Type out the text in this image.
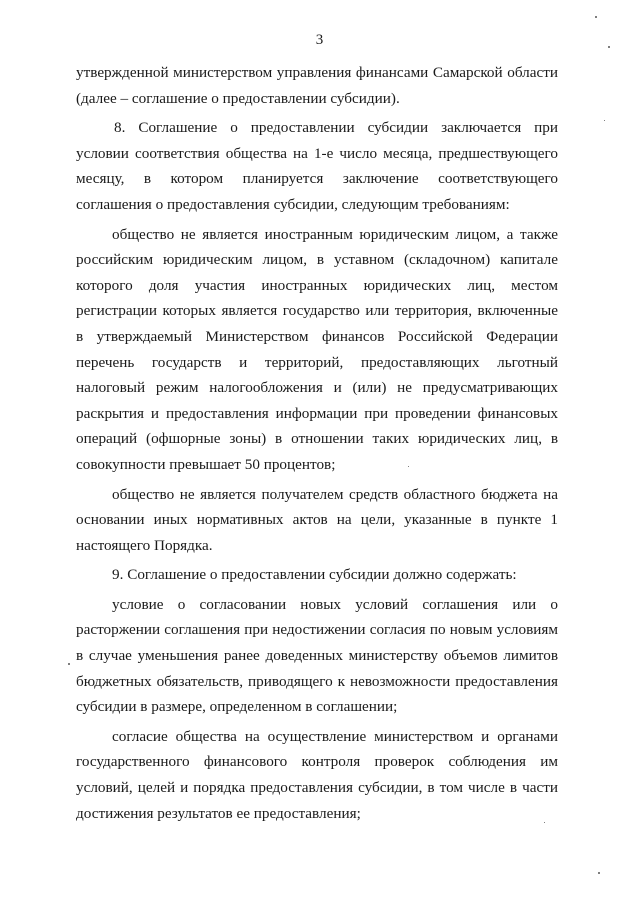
3

утвержденной министерством управления финансами Самарской области (далее – соглашение о предоставлении субсидии).

8. Соглашение о предоставлении субсидии заключается при условии соответствия общества на 1-е число месяца, предшествующего месяцу, в котором планируется заключение соответствующего соглашения о предоставления субсидии, следующим требованиям:

общество не является иностранным юридическим лицом, а также российским юридическим лицом, в уставном (складочном) капитале которого доля участия иностранных юридических лиц, местом регистрации которых является государство или территория, включенные в утверждаемый Министерством финансов Российской Федерации перечень государств и территорий, предоставляющих льготный налоговый режим налогообложения и (или) не предусматривающих раскрытия и предоставления информации при проведении финансовых операций (офшорные зоны) в отношении таких юридических лиц, в совокупности превышает 50 процентов;

общество не является получателем средств областного бюджета на основании иных нормативных актов на цели, указанные в пункте 1 настоящего Порядка.

9. Соглашение о предоставлении субсидии должно содержать:

условие о согласовании новых условий соглашения или о расторжении соглашения при недостижении согласия по новым условиям в случае уменьшения ранее доведенных министерству объемов лимитов бюджетных обязательств, приводящего к невозможности предоставления субсидии в размере, определенном в соглашении;

согласие общества на осуществление министерством и органами государственного финансового контроля проверок соблюдения им условий, целей и порядка предоставления субсидии, в том числе в части достижения результатов ее предоставления;
